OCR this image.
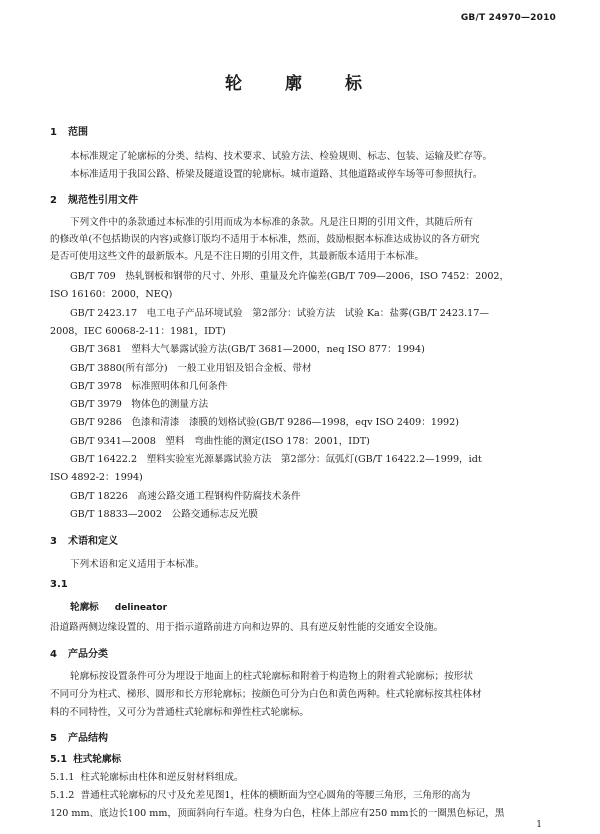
GB/T 24970—2010
轮　廓　标
1 范围
本标准规定了轮廓标的分类、结构、技术要求、试验方法、检验规则、标志、包装、运输及贮存等。
本标准适用于我国公路、桥梁及隧道设置的轮廓标。城市道路、其他道路或停车场等可参照执行。
2 规范性引用文件
下列文件中的条款通过本标准的引用而成为本标准的条款。凡是注日期的引用文件，其随后所有
的修改单(不包括勘误的内容)或修订版均不适用于本标准，然而，鼓励根据本标准达成协议的各方研究
是否可使用这些文件的最新版本。凡是不注日期的引用文件，其最新版本适用于本标准。
GB/T 709　热轧钢板和钢带的尺寸、外形、重量及允许偏差(GB/T 709—2006，ISO 7452：2002，
ISO 16160：2000，NEQ)
GB/T 2423.17　电工电子产品环境试验　第2部分：试验方法　试验 Ka：盐雾(GB/T 2423.17—
2008，IEC 60068-2-11：1981，IDT)
GB/T 3681　塑料大气暴露试验方法(GB/T 3681—2000，neq ISO 877：1994)
GB/T 3880(所有部分)　一般工业用铝及铝合金板、带材
GB/T 3978　标准照明体和几何条件
GB/T 3979　物体色的测量方法
GB/T 9286　色漆和清漆　漆膜的划格试验(GB/T 9286—1998，eqv ISO 2409：1992)
GB/T 9341—2008　塑料　弯曲性能的测定(ISO 178：2001，IDT)
GB/T 16422.2　塑料实验室光源暴露试验方法　第2部分：氙弧灯(GB/T 16422.2—1999，idt
ISO 4892-2：1994)
GB/T 18226　高速公路交通工程钢构件防腐技术条件
GB/T 18833—2002　公路交通标志反光膜
3 术语和定义
下列术语和定义适用于本标准。
3.1
轮廓标 delineator
沿道路两侧边缘设置的、用于指示道路前进方向和边界的、具有逆反射性能的交通安全设施。
4 产品分类
轮廓标按设置条件可分为埋设于地面上的柱式轮廓标和附着于构造物上的附着式轮廓标；按形状
不同可分为柱式、梯形、圆形和长方形轮廓标；按颜色可分为白色和黄色两种。柱式轮廓标按其柱体材
料的不同特性，又可分为普通柱式轮廓标和弹性柱式轮廓标。
5 产品结构
5.1 柱式轮廓标
5.1.1 柱式轮廓标由柱体和逆反射材料组成。
5.1.2 普通柱式轮廓标的尺寸及允差见图1，柱体的横断面为空心圆角的等腰三角形，三角形的高为
120 mm、底边长100 mm，顶面斜向行车道。柱身为白色，柱体上部应有250 mm长的一圈黑色标记，黑
1
